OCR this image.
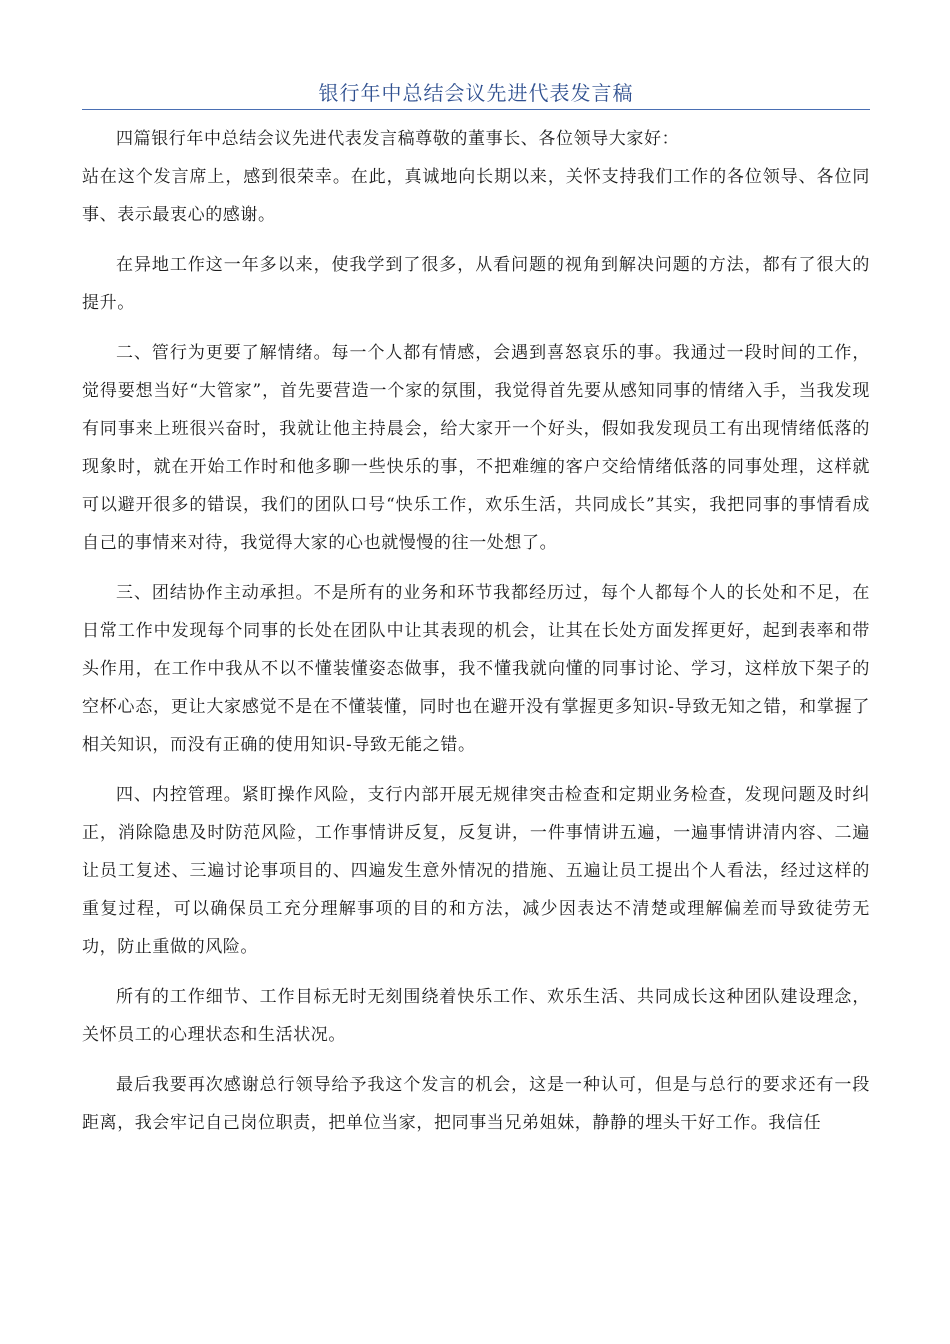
银行年中总结会议先进代表发言稿

四篇银行年中总结会议先进代表发言稿尊敬的董事长、各位领导大家好：

站在这个发言席上，感到很荣幸。在此，真诚地向长期以来，关怀支持我们工作的各位领导、各位同事、表示最衷心的感谢。

在异地工作这一年多以来，使我学到了很多，从看问题的视角到解决问题的方法，都有了很大的提升。

二、管行为更要了解情绪。每一个人都有情感，会遇到喜怒哀乐的事。我通过一段时间的工作，觉得要想当好“大管家”，首先要营造一个家的氛围，我觉得首先要从感知同事的情绪入手，当我发现有同事来上班很兴奋时，我就让他主持晨会，给大家开一个好头，假如我发现员工有出现情绪低落的现象时，就在开始工作时和他多聊一些快乐的事，不把难缠的客户交给情绪低落的同事处理，这样就可以避开很多的错误，我们的团队口号“快乐工作，欢乐生活，共同成长”其实，我把同事的事情看成自己的事情来对待，我觉得大家的心也就慢慢的往一处想了。

三、团结协作主动承担。不是所有的业务和环节我都经历过，每个人都每个人的长处和不足，在日常工作中发现每个同事的长处在团队中让其表现的机会，让其在长处方面发挥更好，起到表率和带头作用，在工作中我从不以不懂装懂姿态做事，我不懂我就向懂的同事讨论、学习，这样放下架子的空杯心态，更让大家感觉不是在不懂装懂，同时也在避开没有掌握更多知识-导致无知之错，和掌握了相关知识，而没有正确的使用知识-导致无能之错。

四、内控管理。紧盯操作风险，支行内部开展无规律突击检查和定期业务检查，发现问题及时纠正，消除隐患及时防范风险，工作事情讲反复，反复讲，一件事情讲五遍，一遍事情讲清内容、二遍让员工复述、三遍讨论事项目的、四遍发生意外情况的措施、五遍让员工提出个人看法，经过这样的重复过程，可以确保员工充分理解事项的目的和方法，减少因表达不清楚或理解偏差而导致徒劳无功，防止重做的风险。

所有的工作细节、工作目标无时无刻围绕着快乐工作、欢乐生活、共同成长这种团队建设理念，关怀员工的心理状态和生活状况。

最后我要再次感谢总行领导给予我这个发言的机会，这是一种认可，但是与总行的要求还有一段距离，我会牢记自己岗位职责，把单位当家，把同事当兄弟姐妹，静静的埋头干好工作。我信任
